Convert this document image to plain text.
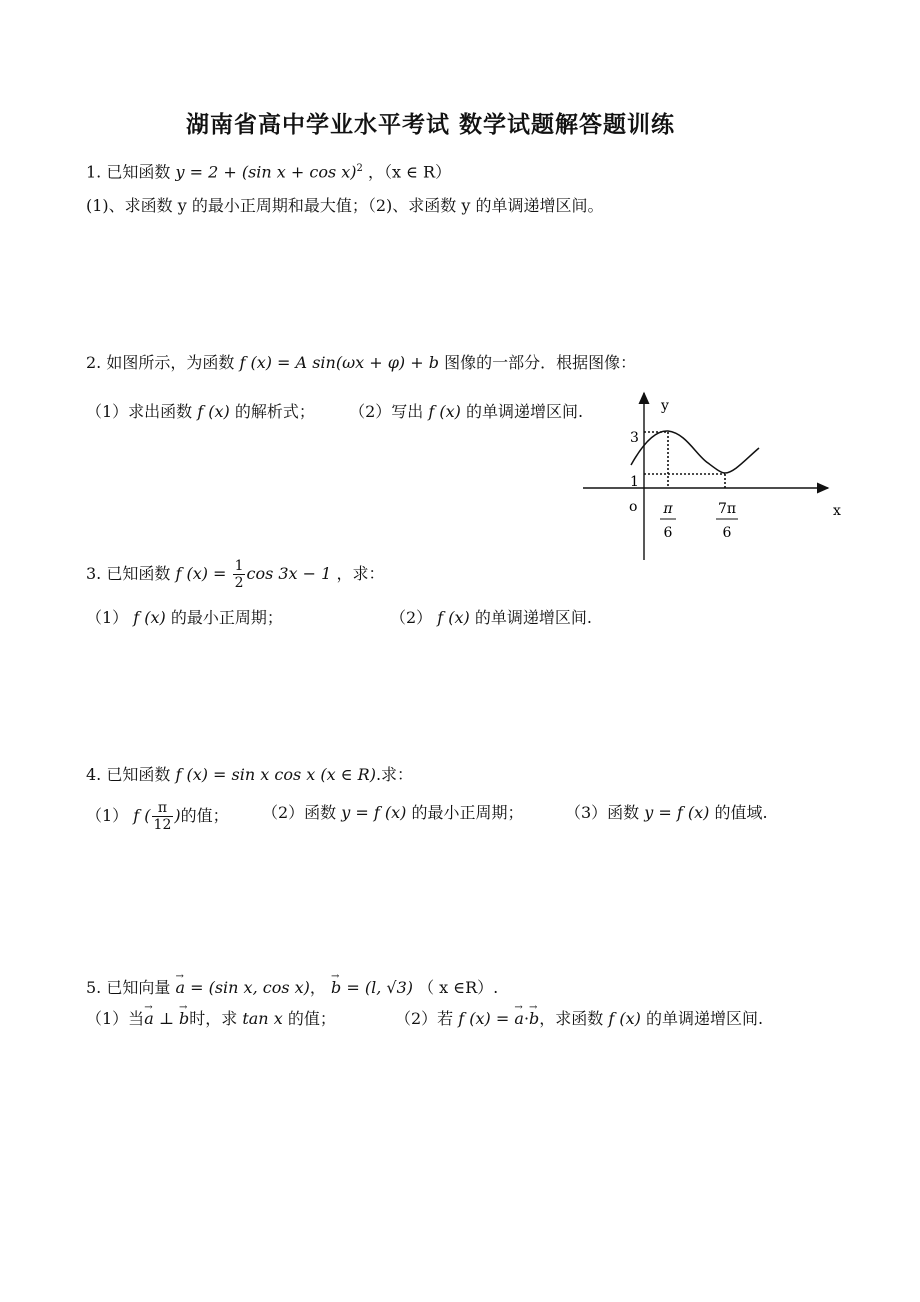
湖南省高中学业水平考试 数学试题解答题训练
1. 已知函数 y = 2 + (sin x + cos x)$^2$ ，（x ∈ R）
(1)、求函数 y 的最小正周期和最大值；（2)、求函数 y 的单调递增区间。
2. 如图所示，为函数 f (x) = A sin(ωx + φ) + b 图像的一部分．根据图像：
（1）求出函数 f (x) 的解析式； （2）写出 f (x) 的单调递增区间.	y
x
o
3
1
π
6
7π
6
3. 已知函数 f $(x) = \frac{1}{2}$ cos 3x − 1 ，求：
（1） f (x) 的最小正周期；	（2） f (x) 的单调递增区间.
4. 已知函数 f (x) = sin x cos x (x ∈ R).求：
（1） f ( $\frac{\pi}{12}$ )的值； （2）函数 y = f (x) 的最小正周期；	（3）函数 y = f (x) 的值域.
5. 已知向量 → a = (sin x, cos x)， → b = (l, √3) （ x ∈R）.
（1）当→ a ⊥ → b时，求 tan x 的值；	（2）若 f (x) = → a·→ b，求函数 f (x) 的单调递增区间.
